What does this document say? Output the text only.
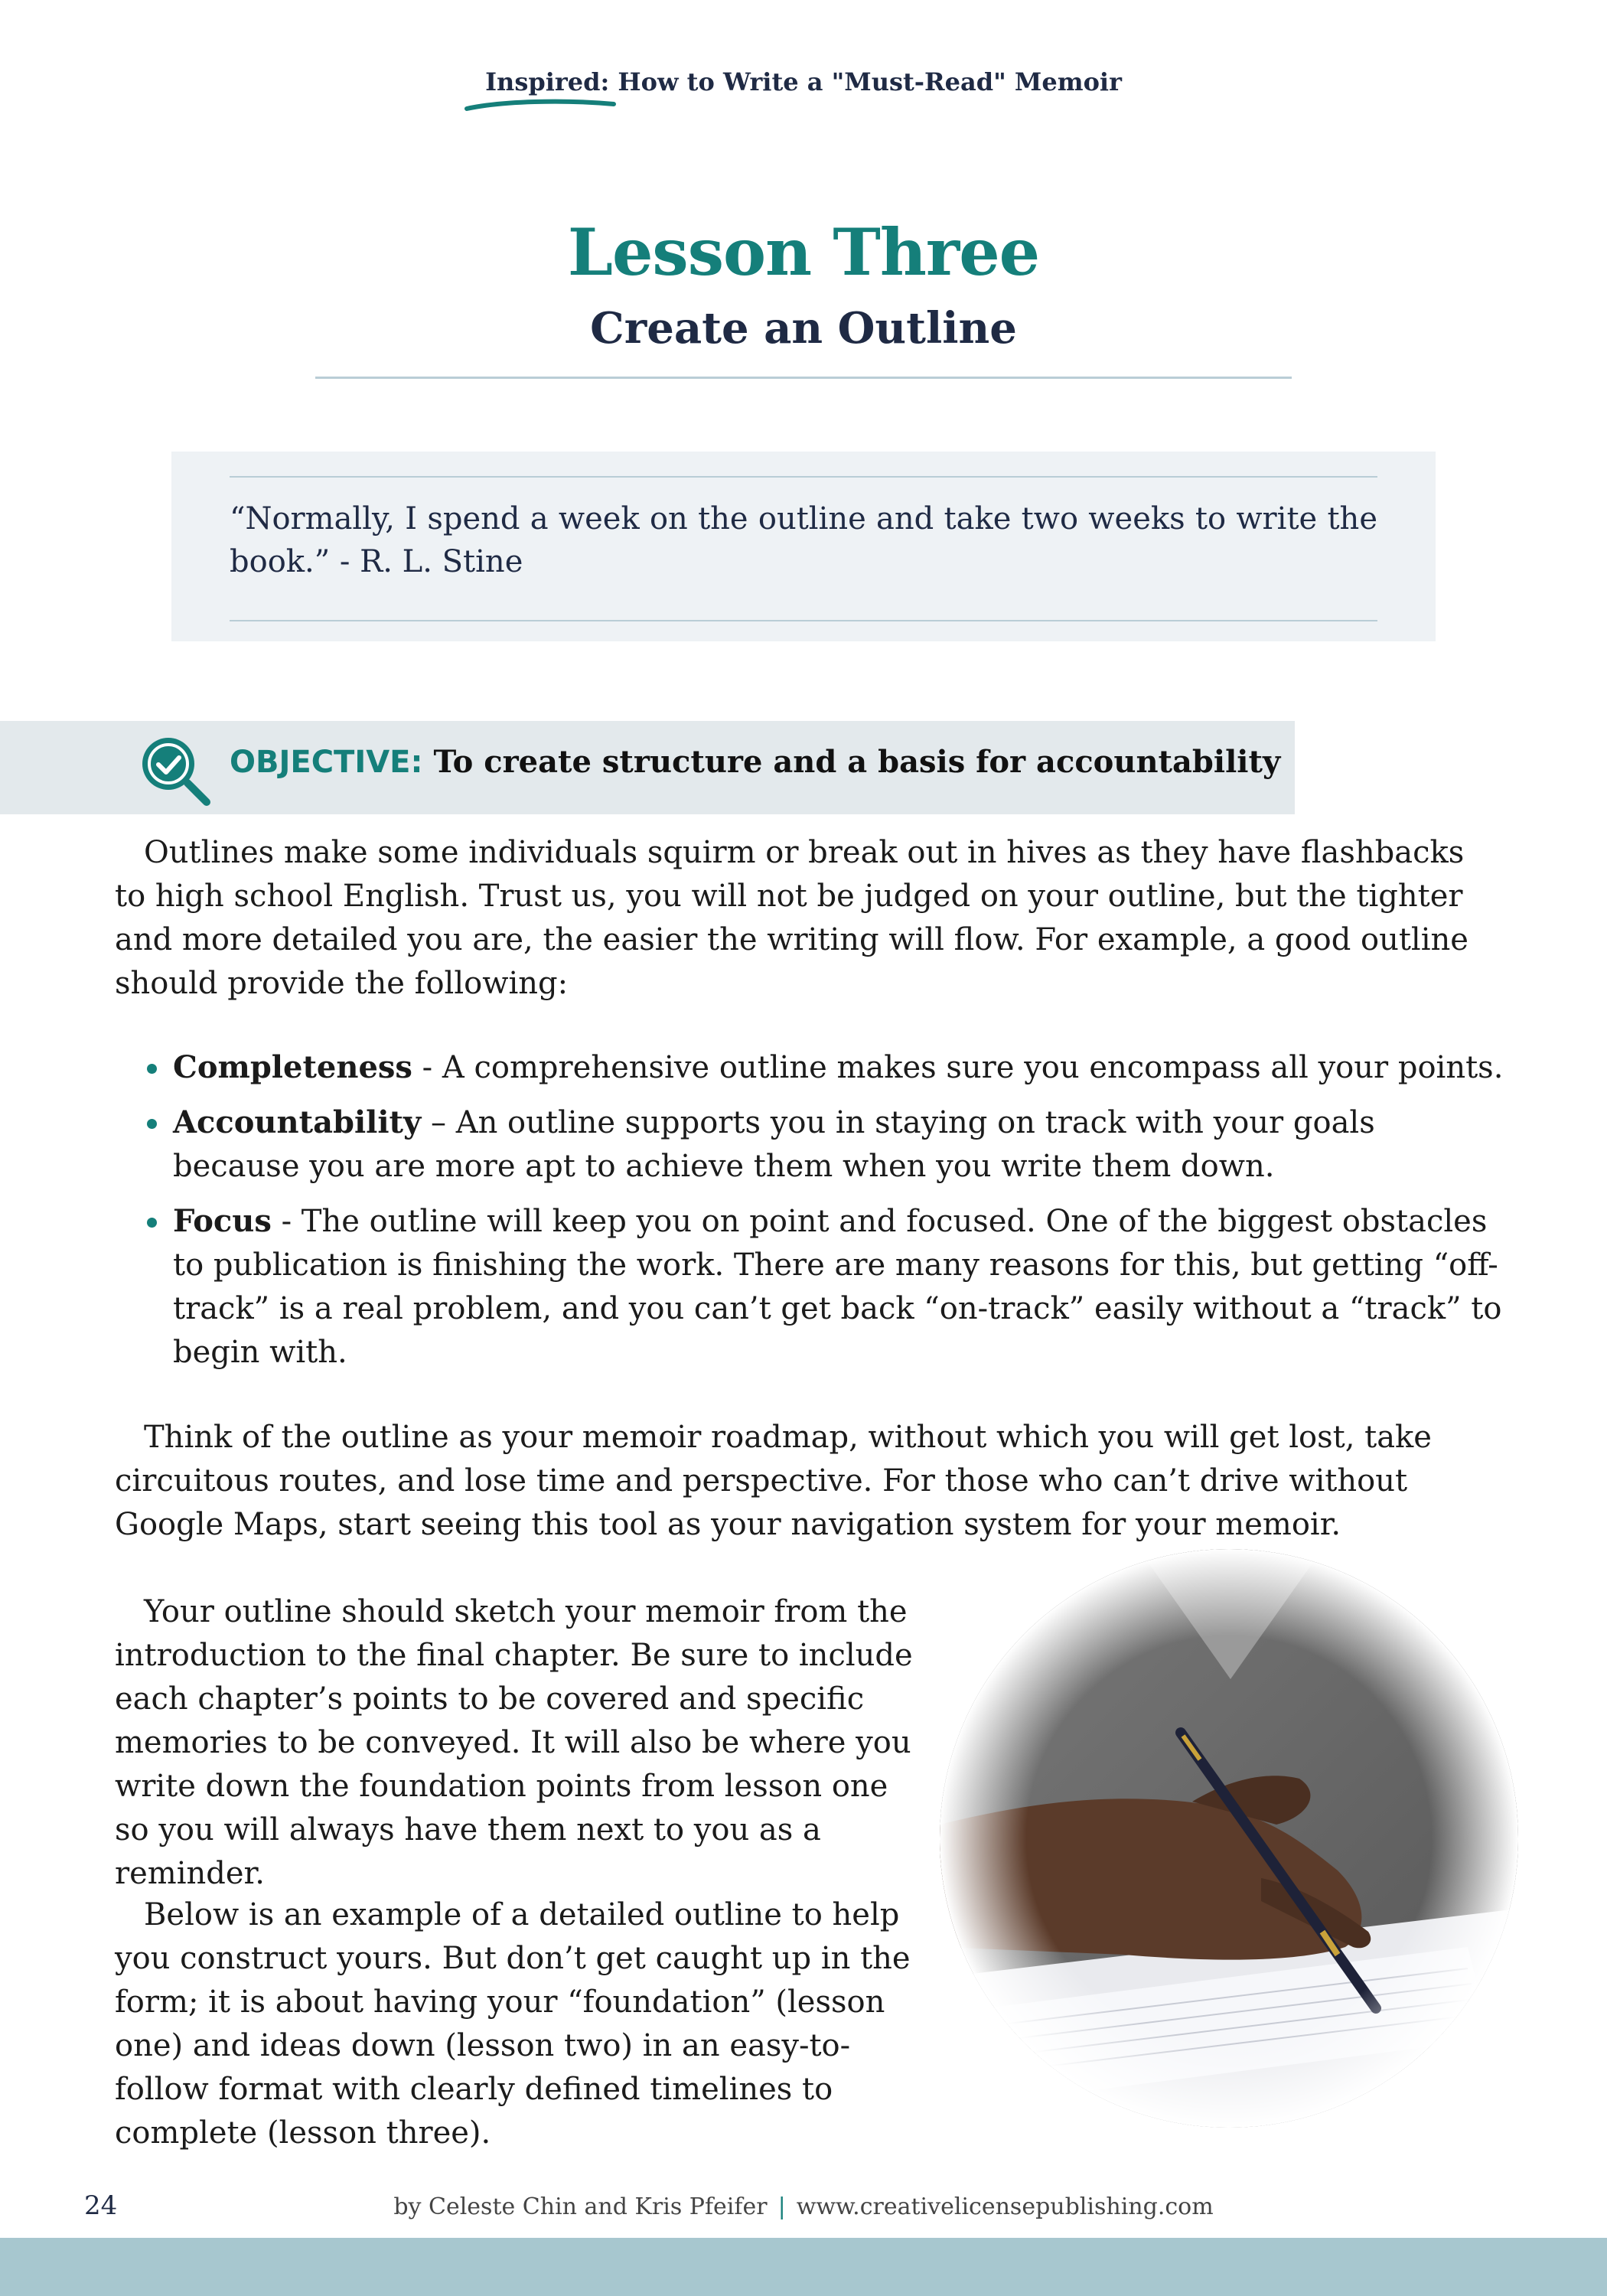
Inspired: How to Write a "Must-Read" Memoir
Lesson Three
Create an Outline
“Normally, I spend a week on the outline and take two weeks to write the book.” - R. L. Stine
OBJECTIVE: To create structure and a basis for accountability

Outlines make some individuals squirm or break out in hives as they have flashbacks to high school English. Trust us, you will not be judged on your outline, but the tighter and more detailed you are, the easier the writing will flow. For example, a good outline should provide the following:

Completeness - A comprehensive outline makes sure you encompass all your points.
Accountability – An outline supports you in staying on track with your goals because you are more apt to achieve them when you write them down.
Focus - The outline will keep you on point and focused. One of the biggest obstacles to publication is finishing the work. There are many reasons for this, but getting “off-track” is a real problem, and you can’t get back “on-track” easily without a “track” to begin with.

Think of the outline as your memoir roadmap, without which you will get lost, take circuitous routes, and lose time and perspective. For those who can’t drive without Google Maps, start seeing this tool as your navigation system for your memoir.

Your outline should sketch your memoir from the introduction to the final chapter. Be sure to include each chapter’s points to be covered and specific memories to be conveyed. It will also be where you write down the foundation points from lesson one so you will always have them next to you as a reminder.

Below is an example of a detailed outline to help you construct yours. But don’t get caught up in the form; it is about having your “foundation” (lesson one) and ideas down (lesson two) in an easy-to-follow format with clearly defined timelines to complete (lesson three).

24	by Celeste Chin and Kris Pfeifer | www.creativelicensepublishing.com
